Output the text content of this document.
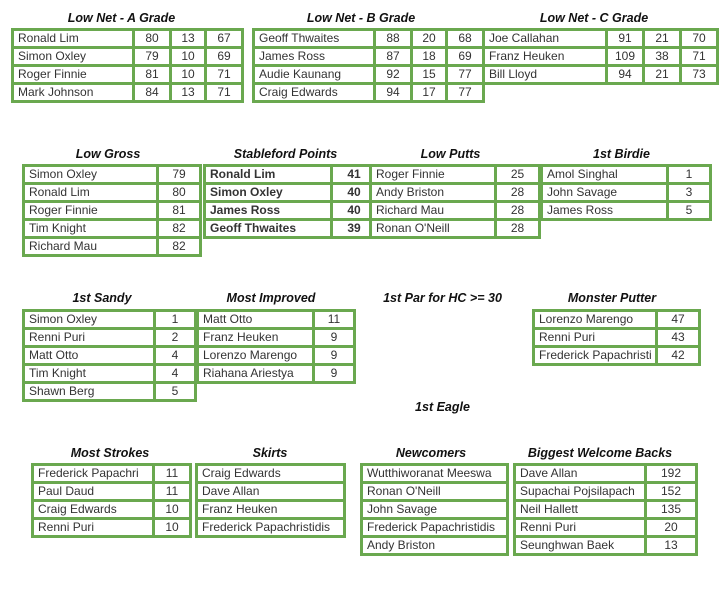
Low Net - A Grade	Low Net - B Grade	Low Net - C Grade
Low Gross	Stableford Points	Low Putts	1st Birdie
1st Sandy	Most Improved	1st Par for HC >= 30	Monster Putter
1st Eagle
Most Strokes	Skirts	Newcomers	Biggest Welcome Backs
Ronald Lim	80	13	67
Simon Oxley	79	10	69
Roger Finnie	81	10	71
Mark Johnson	84	13	71
Geoff Thwaites	88	20	68
James Ross	87	18	69
Audie Kaunang	92	15	77
Craig Edwards	94	17	77
Joe Callahan	91	21	70
Franz Heuken	109	38	71
Bill Lloyd	94	21	73
Simon Oxley	79
Ronald Lim	80
Roger Finnie	81
Tim Knight	82
Richard Mau	82
Ronald Lim	41
Simon Oxley	40
James Ross	40
Geoff Thwaites	39
Roger Finnie	25
Andy Briston	28
Richard Mau	28
Ronan O'Neill	28
Amol Singhal	1
John Savage	3
James Ross	5
Simon Oxley	1
Renni Puri	2
Matt Otto	4
Tim Knight	4
Shawn Berg	5
Matt Otto	11
Franz Heuken	9
Lorenzo Marengo	9
Riahana Ariestya	9
Lorenzo Marengo	47
Renni Puri	43
Frederick Papachristi	42
Frederick Papachri	11
Paul Daud	11
Craig Edwards	10
Renni Puri	10
Craig Edwards
Dave Allan
Franz Heuken
Frederick Papachristidis
Wutthiworanat Meeswa
Ronan O'Neill
John Savage
Frederick Papachristidis
Andy Briston
Dave Allan	192
Supachai Pojsilapach	152
Neil Hallett	135
Renni Puri	20
Seunghwan Baek	13
